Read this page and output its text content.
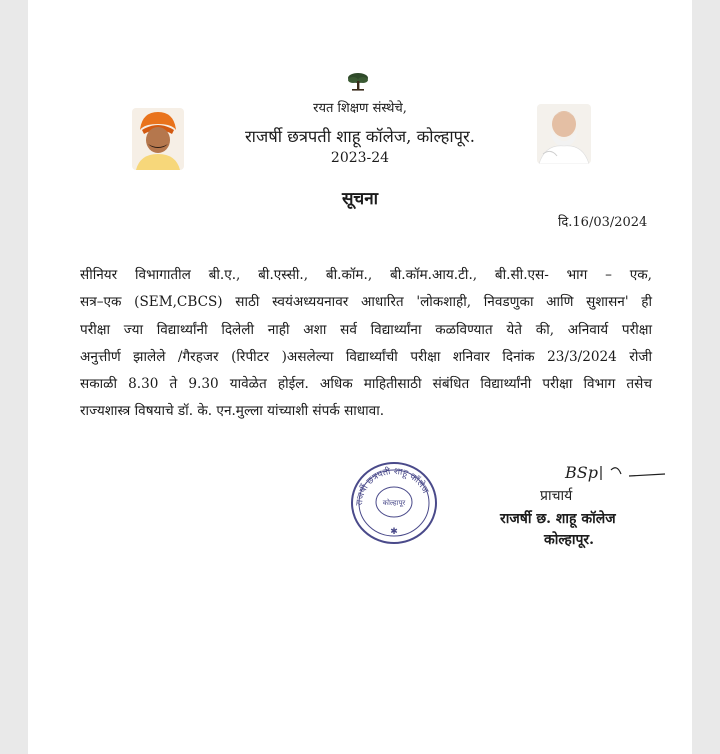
रयत शिक्षण संस्थेचे,
राजर्षी छत्रपती शाहू कॉलेज, कोल्हापूर.
2023-24
सूचना
दि.16/03/2024
सीनियर विभागातील बी.ए., बी.एस्सी., बी.कॉम., बी.कॉम.आय.टी., बी.सी.एस- भाग – एक,
सत्र–एक (SEM,CBCS) साठी स्वयंअध्ययनावर आधारित 'लोकशाही, निवडणुका आणि सुशासन' ही
परीक्षा ज्या विद्यार्थ्यांनी दिलेली नाही अशा सर्व विद्यार्थ्यांना कळविण्यात येते की, अनिवार्य परीक्षा
अनुत्तीर्ण झालेले /गैरहजर (रिपीटर )असलेल्या विद्यार्थ्यांची परीक्षा शनिवार दिनांक 23/3/2024 रोजी
सकाळी 8.30 ते 9.30 यावेळेत होईल. अधिक माहितीसाठी संबंधित विद्यार्थ्यांनी परीक्षा विभाग तसेच
राज्यशास्त्र विषयाचे डॉ. के. एन.मुल्ला यांच्याशी संपर्क साधावा.
राजर्षी छत्रपती शाहू कॉलेज
कोल्हापूर
✱
BSp
प्राचार्य
राजर्षी छ. शाहू कॉलेज
कोल्हापूर.
